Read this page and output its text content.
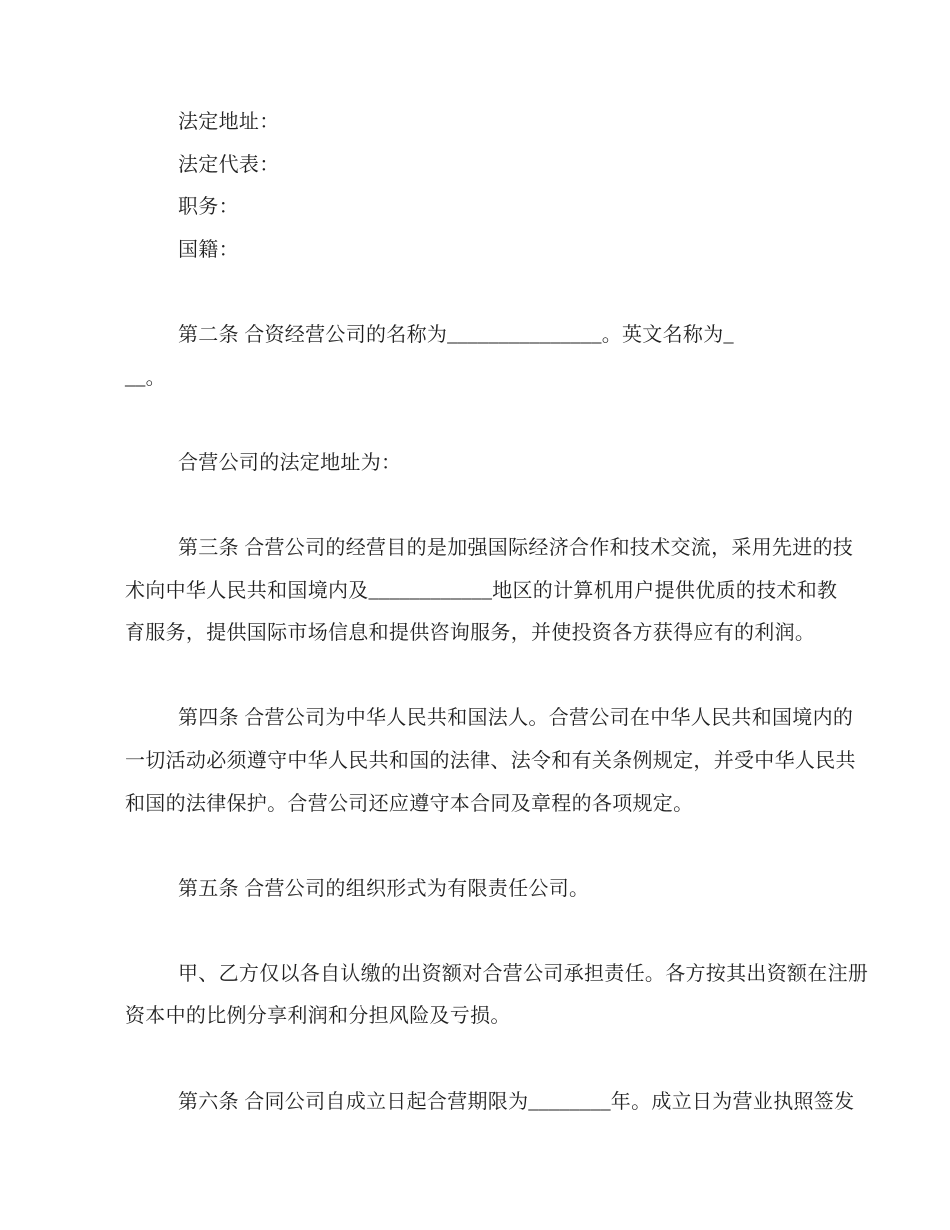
法定地址：
法定代表：
职务：
国籍：
第二条 合资经营公司的名称为_______________。英文名称为_
__。
合营公司的法定地址为：
第三条 合营公司的经营目的是加强国际经济合作和技术交流，采用先进的技
术向中华人民共和国境内及____________地区的计算机用户提供优质的技术和教
育服务，提供国际市场信息和提供咨询服务，并使投资各方获得应有的利润。
第四条 合营公司为中华人民共和国法人。合营公司在中华人民共和国境内的
一切活动必须遵守中华人民共和国的法律、法令和有关条例规定，并受中华人民共
和国的法律保护。合营公司还应遵守本合同及章程的各项规定。
第五条 合营公司的组织形式为有限责任公司。
甲、乙方仅以各自认缴的出资额对合营公司承担责任。各方按其出资额在注册
资本中的比例分享利润和分担风险及亏损。
第六条 合同公司自成立日起合营期限为________年。成立日为营业执照签发
